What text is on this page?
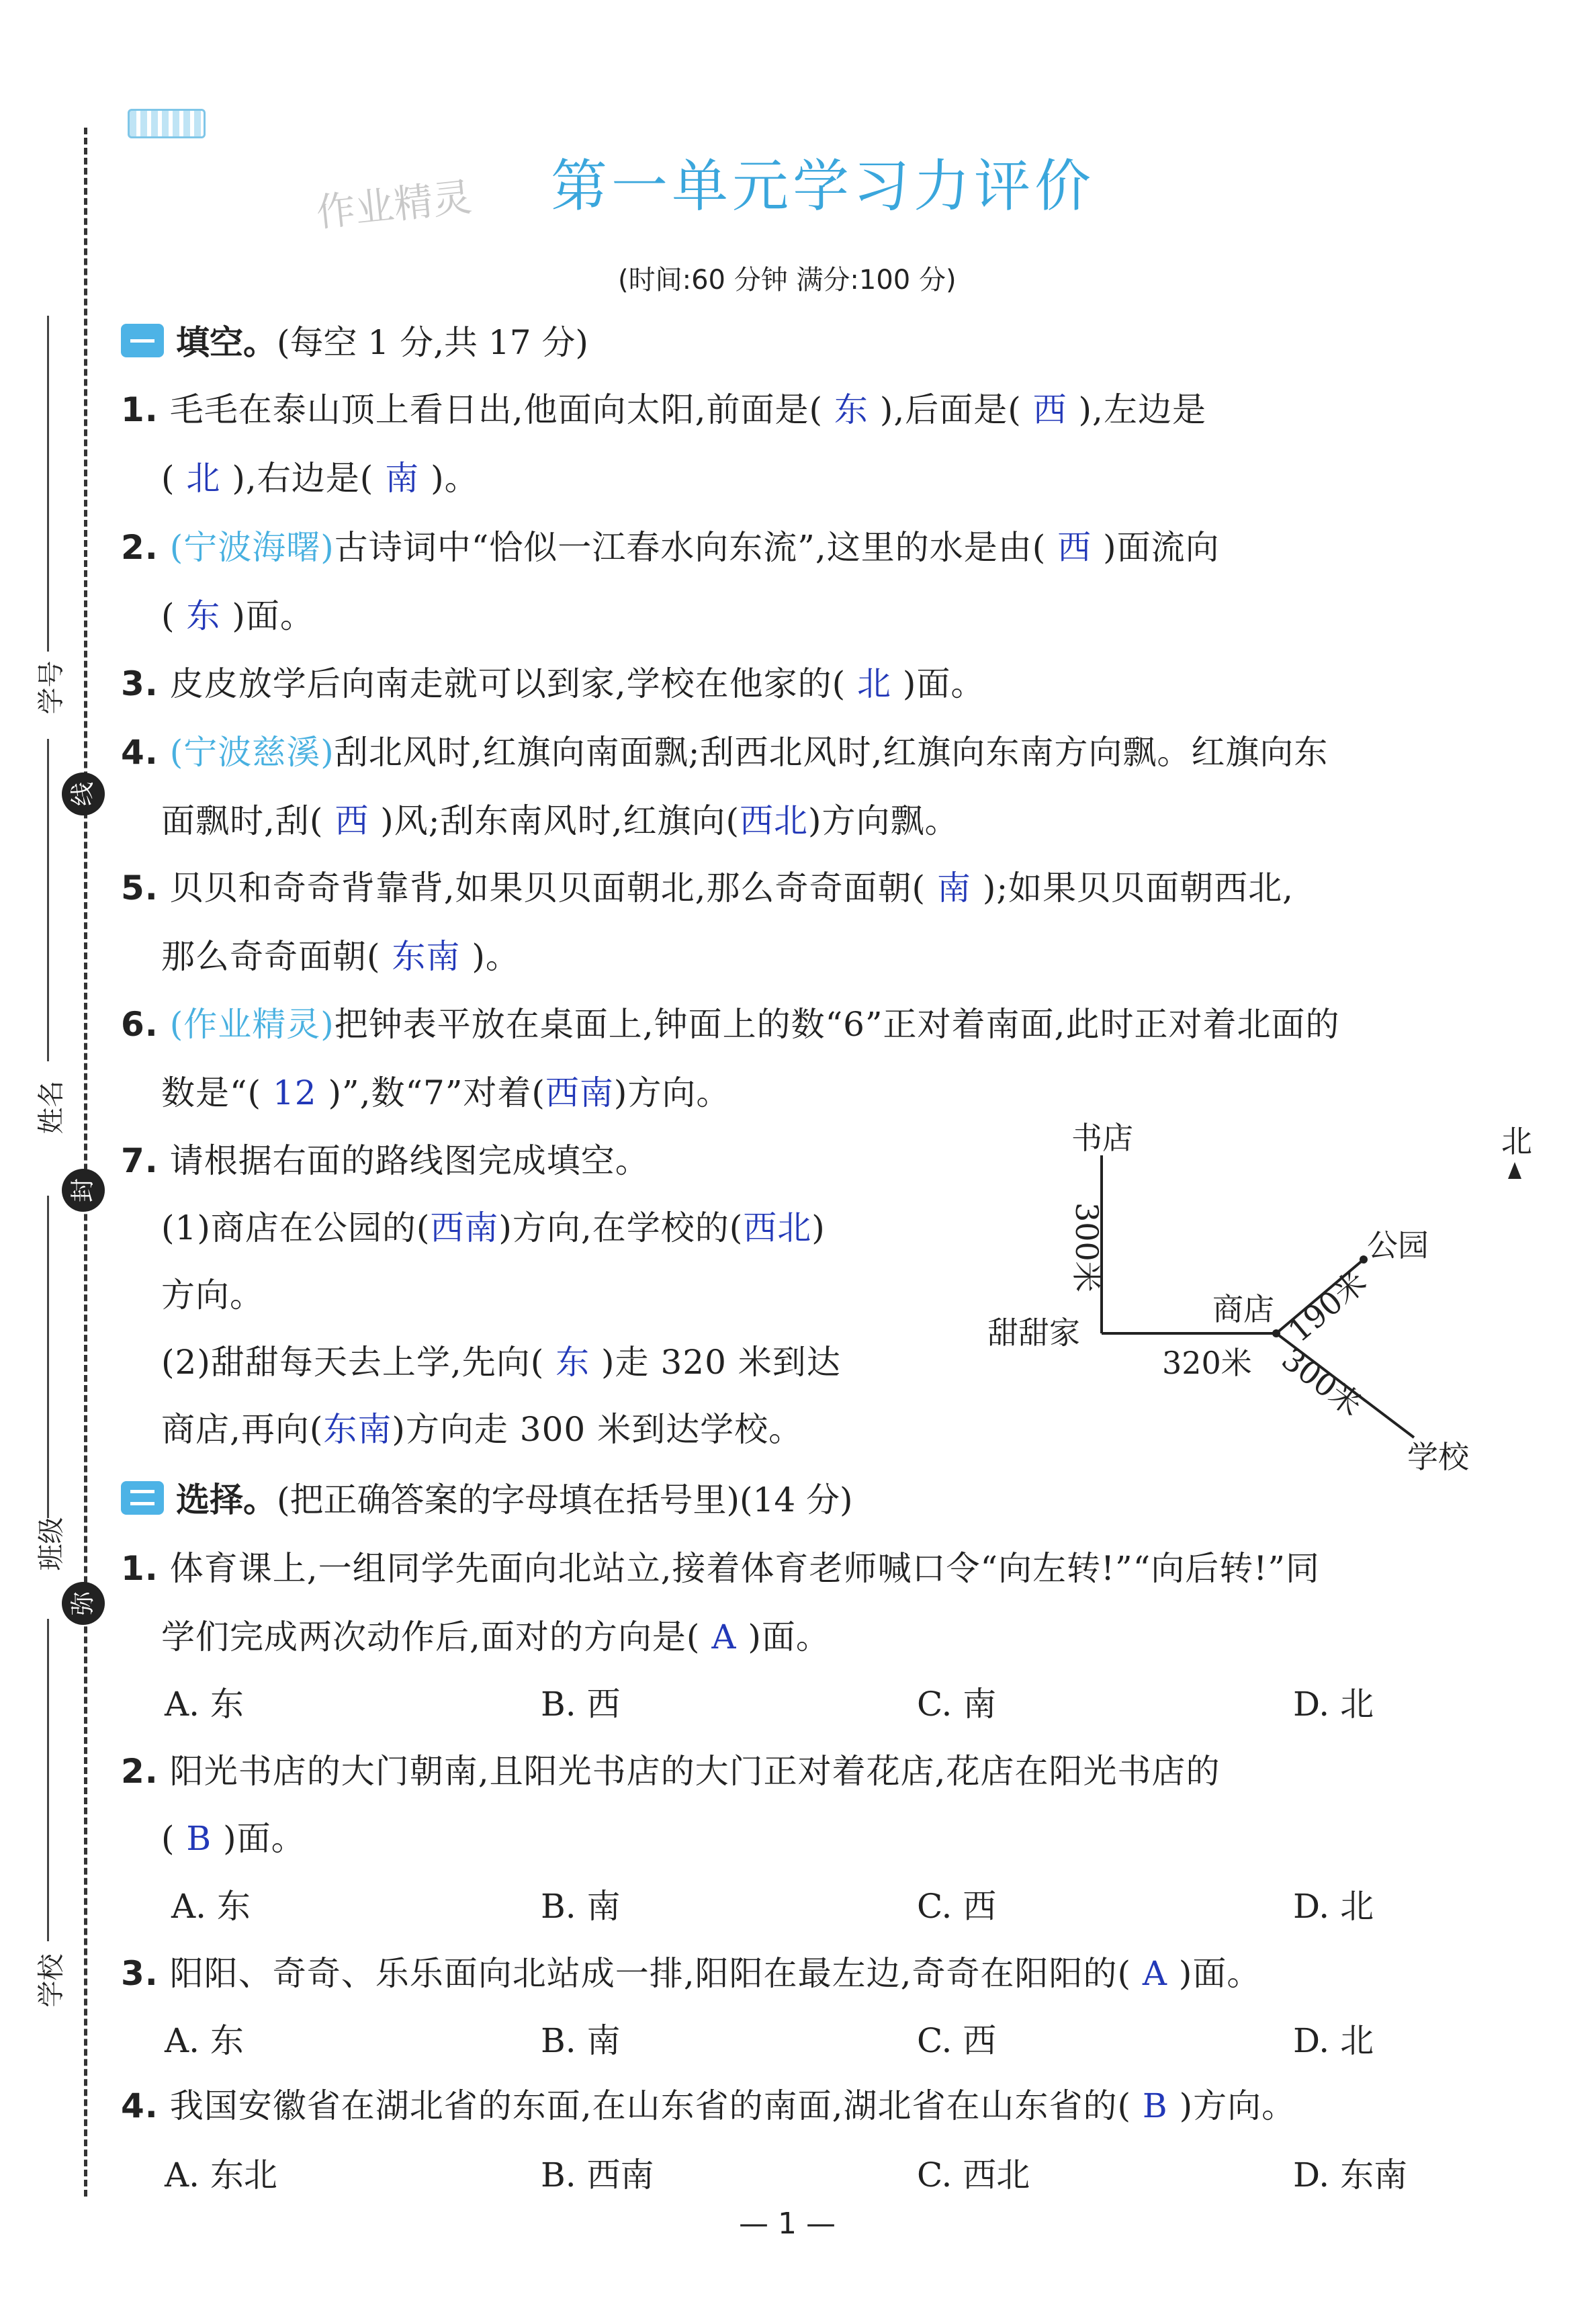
学号
姓名
班级
学校
线
封
弥
第一单元学习力评价
作业精灵
(时间:60 分钟 满分:100 分)
填空。(每空 1 分,共 17 分)
1. 毛毛在泰山顶上看日出,他面向太阳,前面是( 东 ),后面是( 西 ),左边是
( 北 ),右边是( 南 )。
2. (宁波海曙)古诗词中“恰似一江春水向东流”,这里的水是由( 西 )面流向
( 东 )面。
3. 皮皮放学后向南走就可以到家,学校在他家的( 北 )面。
4. (宁波慈溪)刮北风时,红旗向南面飘;刮西北风时,红旗向东南方向飘。红旗向东
面飘时,刮( 西 )风;刮东南风时,红旗向(西北)方向飘。
5. 贝贝和奇奇背靠背,如果贝贝面朝北,那么奇奇面朝( 南 );如果贝贝面朝西北,
那么奇奇面朝( 东南 )。
6. (作业精灵)把钟表平放在桌面上,钟面上的数“6”正对着南面,此时正对着北面的
数是“( 12 )”,数“7”对着(西南)方向。
7. 请根据右面的路线图完成填空。
(1)商店在公园的(西南)方向,在学校的(西北)
方向。
(2)甜甜每天去上学,先向( 东 )走 320 米到达
商店,再向(东南)方向走 300 米到达学校。
北
书店
甜甜家
商店
公园
学校
300米
320米
190米
300米
选择。(把正确答案的字母填在括号里)(14 分)
1. 体育课上,一组同学先面向北站立,接着体育老师喊口令“向左转!”“向后转!”同
学们完成两次动作后,面对的方向是( A )面。
A. 东	B. 西	C. 南	D. 北
2. 阳光书店的大门朝南,且阳光书店的大门正对着花店,花店在阳光书店的
( B )面。
A. 东	B. 南	C. 西	D. 北
3. 阳阳、奇奇、乐乐面向北站成一排,阳阳在最左边,奇奇在阳阳的( A )面。
A. 东	B. 南	C. 西	D. 北
4. 我国安徽省在湖北省的东面,在山东省的南面,湖北省在山东省的( B )方向。
A. 东北	B. 西南	C. 西北	D. 东南
— 1 —
